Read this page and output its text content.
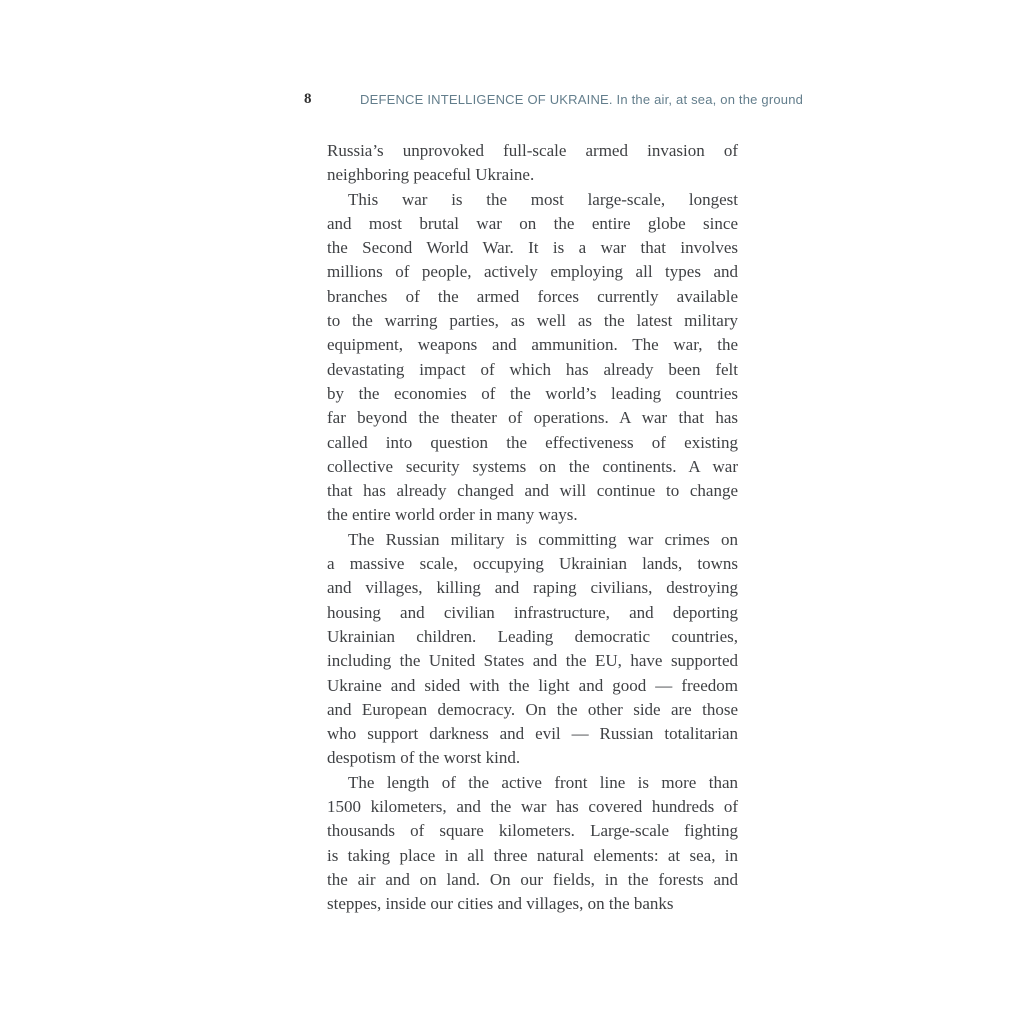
8	DEFENCE INTELLIGENCE OF UKRAINE. In the air, at sea, on the ground
Russia’s unprovoked full-scale armed invasion of
neighboring peaceful Ukraine.
This war is the most large-scale, longest
and most brutal war on the entire globe since
the Second World War. It is a war that involves
millions of people, actively employing all types and
branches of the armed forces currently available
to the warring parties, as well as the latest military
equipment, weapons and ammunition. The war, the
devastating impact of which has already been felt
by the economies of the world’s leading countries
far beyond the theater of operations. A war that has
called into question the effectiveness of existing
collective security systems on the continents. A war
that has already changed and will continue to change
the entire world order in many ways.
The Russian military is committing war crimes on
a massive scale, occupying Ukrainian lands, towns
and villages, killing and raping civilians, destroying
housing and civilian infrastructure, and deporting
Ukrainian children. Leading democratic countries,
including the United States and the EU, have supported
Ukraine and sided with the light and good — freedom
and European democracy. On the other side are those
who support darkness and evil — Russian totalitarian
despotism of the worst kind.
The length of the active front line is more than
1500 kilometers, and the war has covered hundreds of
thousands of square kilometers. Large-scale fighting
is taking place in all three natural elements: at sea, in
the air and on land. On our fields, in the forests and
steppes, inside our cities and villages, on the banks
